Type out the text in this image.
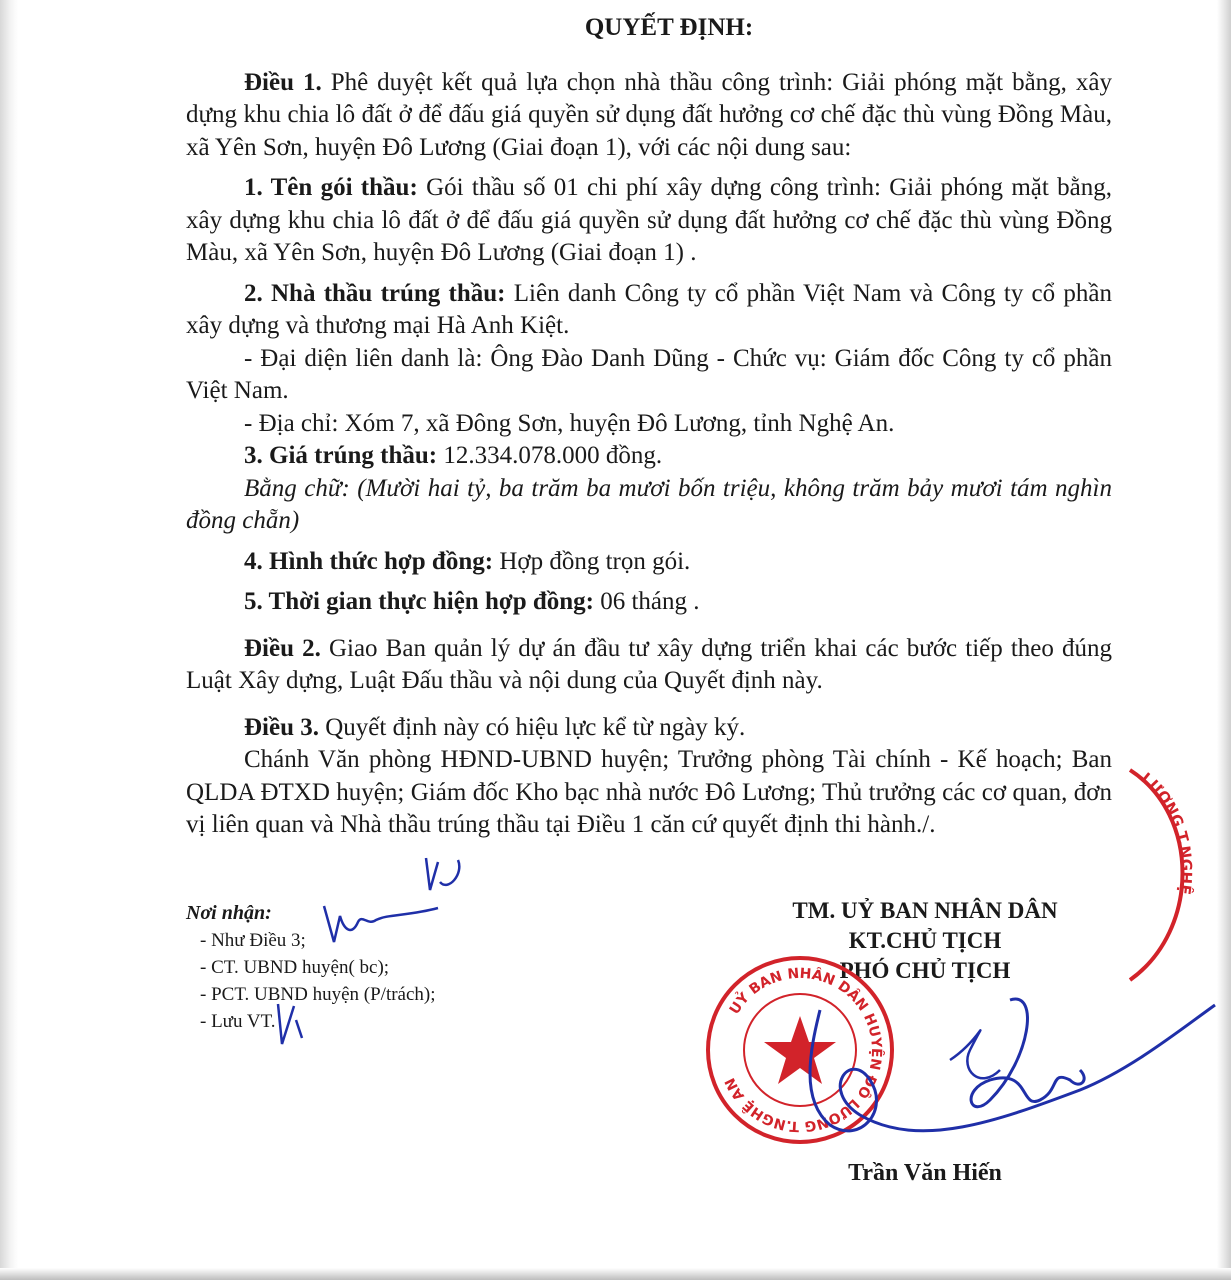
QUYẾT ĐỊNH:

Điều 1. Phê duyệt kết quả lựa chọn nhà thầu công trình: Giải phóng mặt bằng, xây dựng khu chia lô đất ở để đấu giá quyền sử dụng đất hưởng cơ chế đặc thù vùng Đồng Màu, xã Yên Sơn, huyện Đô Lương (Giai đoạn 1), với các nội dung sau:

1. Tên gói thầu: Gói thầu số 01 chi phí xây dựng công trình: Giải phóng mặt bằng, xây dựng khu chia lô đất ở để đấu giá quyền sử dụng đất hưởng cơ chế đặc thù vùng Đồng Màu, xã Yên Sơn, huyện Đô Lương (Giai đoạn 1) .

2. Nhà thầu trúng thầu: Liên danh Công ty cổ phần Việt Nam và Công ty cổ phần xây dựng và thương mại Hà Anh Kiệt.

- Đại diện liên danh là: Ông Đào Danh Dũng - Chức vụ: Giám đốc Công ty cổ phần Việt Nam.

- Địa chỉ: Xóm 7, xã Đông Sơn, huyện Đô Lương, tỉnh Nghệ An.

3. Giá trúng thầu: 12.334.078.000 đồng.

Bằng chữ: (Mười hai tỷ, ba trăm ba mươi bốn triệu, không trăm bảy mươi tám nghìn đồng chẵn)

4. Hình thức hợp đồng: Hợp đồng trọn gói.

5. Thời gian thực hiện hợp đồng: 06 tháng .

Điều 2. Giao Ban quản lý dự án đầu tư xây dựng triển khai các bước tiếp theo đúng Luật Xây dựng, Luật Đấu thầu và nội dung của Quyết định này.

Điều 3. Quyết định này có hiệu lực kể từ ngày ký.

Chánh Văn phòng HĐND-UBND huyện; Trưởng phòng Tài chính - Kế hoạch; Ban QLDA ĐTXD huyện; Giám đốc Kho bạc nhà nước Đô Lương; Thủ trưởng các cơ quan, đơn vị liên quan và Nhà thầu trúng thầu tại Điều 1 căn cứ quyết định thi hành./.

Nơi nhận:
- Như Điều 3;
- CT. UBND huyện( bc);
- PCT. UBND huyện (P/trách);
- Lưu VT.
TM. UỶ BAN NHÂN DÂN
KT.CHỦ TỊCH
PHÓ CHỦ TỊCH
UỶ BAN NHÂN DÂN HUYỆN ĐÔ LƯƠNG T.NGHỆ AN
Trần Văn Hiến
LƯƠNG T.NGHỆ
